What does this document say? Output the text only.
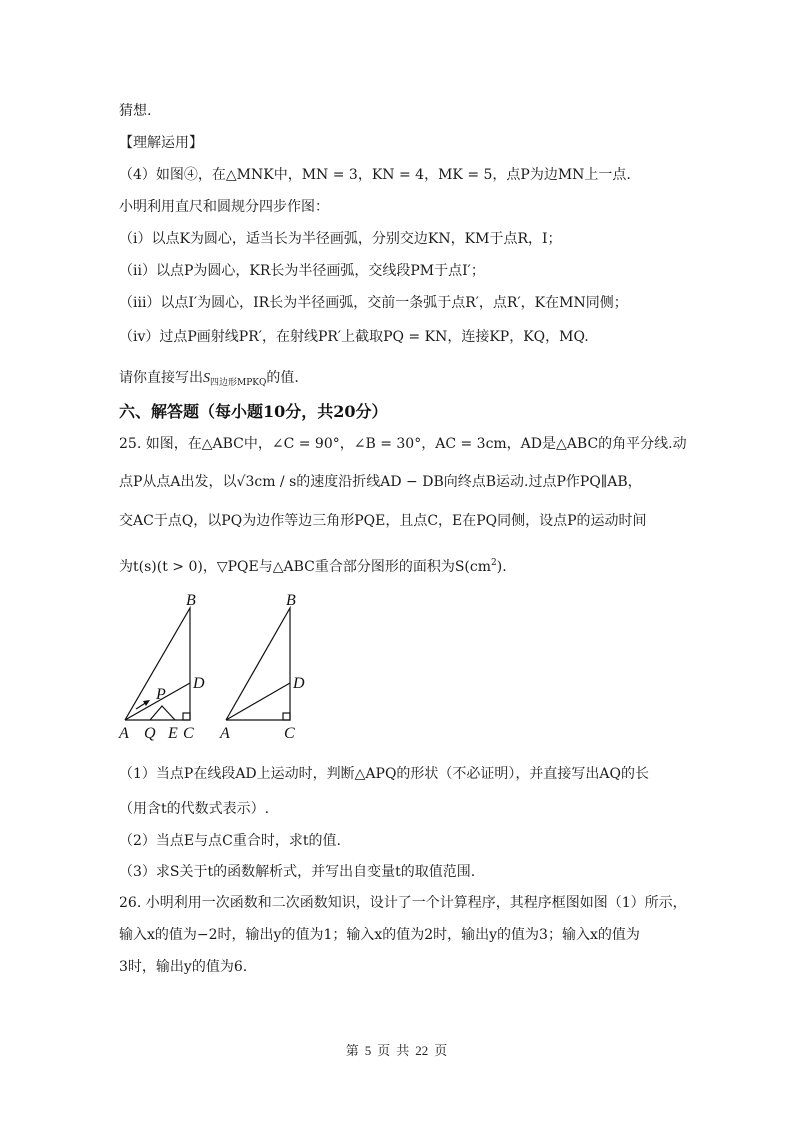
猜想.
【理解运用】
（4）如图④，在△MNK中，MN = 3，KN = 4，MK = 5，点P为边MN上一点.
小明利用直尺和圆规分四步作图：
（i）以点K为圆心，适当长为半径画弧，分别交边KN，KM于点R，I；
（ii）以点P为圆心，KR长为半径画弧，交线段PM于点I′；
（iii）以点I′为圆心，IR长为半径画弧，交前一条弧于点R′，点R′，K在MN同侧；
（iv）过点P画射线PR′，在射线PR′上截取PQ = KN，连接KP，KQ，MQ.
请你直接写出$S_{四边形MPKQ}$的值.
六、解答题（每小题10分，共20分）
25. 如图，在△ABC中，∠C = 90°，∠B = 30°，AC = 3cm，AD是△ABC的角平分线.动
点P从点A出发，以√3cm / s的速度沿折线AD − DB向终点B运动.过点P作PQ∥AB，
交AC于点Q，以PQ为边作等边三角形PQE，且点C，E在PQ同侧，设点P的运动时间
为t(s)(t > 0)，▽PQE与△ABC重合部分图形的面积为$S(cm^2)$.
B
D
P
A Q E C
B
D
A	C
（1）当点P在线段AD上运动时，判断△APQ的形状（不必证明），并直接写出AQ的长
（用含t的代数式表示）.
（2）当点E与点C重合时，求t的值.
（3）求S关于t的函数解析式，并写出自变量t的取值范围.
26. 小明利用一次函数和二次函数知识，设计了一个计算程序，其程序框图如图（1）所示，
输入x的值为−2时，输出y的值为1；输入x的值为2时，输出y的值为3；输入x的值为
3时，输出y的值为6.
第 5 页 共 22 页
